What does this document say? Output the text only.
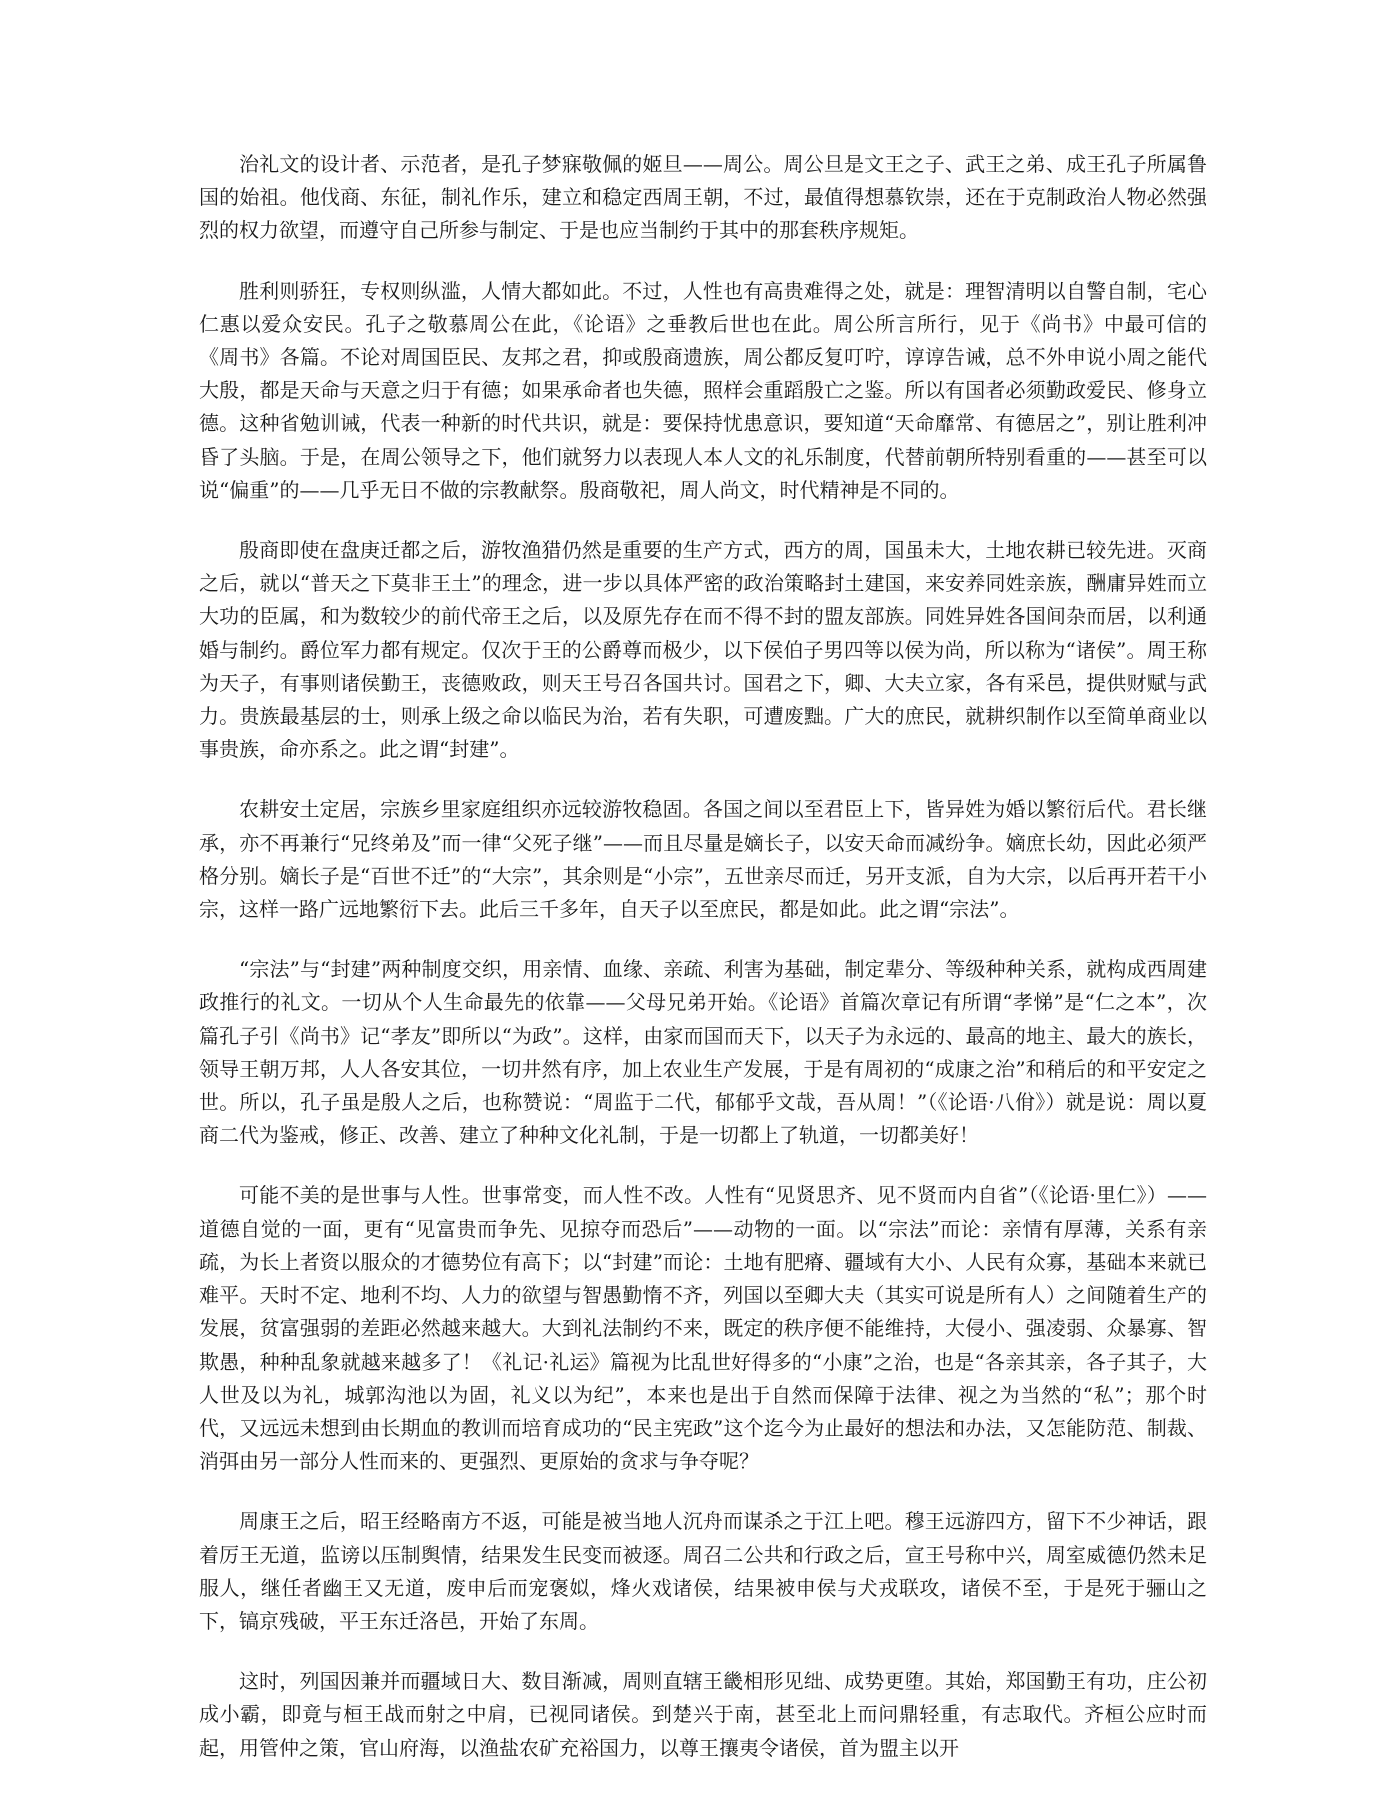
治礼文的设计者、示范者，是孔子梦寐敬佩的姬旦——周公。周公旦是文王之子、武王之弟、成王孔子所属鲁国的始祖。他伐商、东征，制礼作乐，建立和稳定西周王朝，不过，最值得想慕钦崇，还在于克制政治人物必然强烈的权力欲望，而遵守自己所参与制定、于是也应当制约于其中的那套秩序规矩。

胜利则骄狂，专权则纵滥，人情大都如此。不过，人性也有高贵难得之处，就是：理智清明以自警自制，宅心仁惠以爱众安民。孔子之敬慕周公在此，《论语》之垂教后世也在此。周公所言所行，见于《尚书》中最可信的《周书》各篇。不论对周国臣民、友邦之君，抑或殷商遗族，周公都反复叮咛，谆谆告诫，总不外申说小周之能代大殷，都是天命与天意之归于有德；如果承命者也失德，照样会重蹈殷亡之鉴。所以有国者必须勤政爱民、修身立德。这种省勉训诫，代表一种新的时代共识，就是：要保持忧患意识，要知道“天命靡常、有德居之”，别让胜利冲昏了头脑。于是，在周公领导之下，他们就努力以表现人本人文的礼乐制度，代替前朝所特别看重的——甚至可以说“偏重”的——几乎无日不做的宗教献祭。殷商敬祀，周人尚文，时代精神是不同的。

殷商即使在盘庚迁都之后，游牧渔猎仍然是重要的生产方式，西方的周，国虽未大，土地农耕已较先进。灭商之后，就以“普天之下莫非王土”的理念，进一步以具体严密的政治策略封土建国，来安养同姓亲族，酬庸异姓而立大功的臣属，和为数较少的前代帝王之后，以及原先存在而不得不封的盟友部族。同姓异姓各国间杂而居，以利通婚与制约。爵位军力都有规定。仅次于王的公爵尊而极少，以下侯伯子男四等以侯为尚，所以称为“诸侯”。周王称为天子，有事则诸侯勤王，丧德败政，则天王号召各国共讨。国君之下，卿、大夫立家，各有采邑，提供财赋与武力。贵族最基层的士，则承上级之命以临民为治，若有失职，可遭废黜。广大的庶民，就耕织制作以至简单商业以事贵族，命亦系之。此之谓“封建”。

农耕安土定居，宗族乡里家庭组织亦远较游牧稳固。各国之间以至君臣上下，皆异姓为婚以繁衍后代。君长继承，亦不再兼行“兄终弟及”而一律“父死子继”——而且尽量是嫡长子，以安天命而减纷争。嫡庶长幼，因此必须严格分别。嫡长子是“百世不迁”的“大宗”，其余则是“小宗”，五世亲尽而迁，另开支派，自为大宗，以后再开若干小宗，这样一路广远地繁衍下去。此后三千多年，自天子以至庶民，都是如此。此之谓“宗法”。

“宗法”与“封建”两种制度交织，用亲情、血缘、亲疏、利害为基础，制定辈分、等级种种关系，就构成西周建政推行的礼文。一切从个人生命最先的依靠——父母兄弟开始。《论语》首篇次章记有所谓“孝悌”是“仁之本”，次篇孔子引《尚书》记“孝友”即所以“为政”。这样，由家而国而天下，以天子为永远的、最高的地主、最大的族长，领导王朝万邦，人人各安其位，一切井然有序，加上农业生产发展，于是有周初的“成康之治”和稍后的和平安定之世。所以，孔子虽是殷人之后，也称赞说：“周监于二代，郁郁乎文哉，吾从周！”（《论语·八佾》）就是说：周以夏商二代为鉴戒，修正、改善、建立了种种文化礼制，于是一切都上了轨道，一切都美好！

可能不美的是世事与人性。世事常变，而人性不改。人性有“见贤思齐、见不贤而内自省”（《论语·里仁》）——道德自觉的一面，更有“见富贵而争先、见掠夺而恐后”——动物的一面。以“宗法”而论：亲情有厚薄，关系有亲疏，为长上者资以服众的才德势位有高下；以“封建”而论：土地有肥瘠、疆域有大小、人民有众寡，基础本来就已难平。天时不定、地利不均、人力的欲望与智愚勤惰不齐，列国以至卿大夫（其实可说是所有人）之间随着生产的发展，贫富强弱的差距必然越来越大。大到礼法制约不来，既定的秩序便不能维持，大侵小、强凌弱、众暴寡、智欺愚，种种乱象就越来越多了！《礼记·礼运》篇视为比乱世好得多的“小康”之治，也是“各亲其亲，各子其子，大人世及以为礼，城郭沟池以为固，礼义以为纪”，本来也是出于自然而保障于法律、视之为当然的“私”；那个时代，又远远未想到由长期血的教训而培育成功的“民主宪政”这个迄今为止最好的想法和办法，又怎能防范、制裁、消弭由另一部分人性而来的、更强烈、更原始的贪求与争夺呢？

周康王之后，昭王经略南方不返，可能是被当地人沉舟而谋杀之于江上吧。穆王远游四方，留下不少神话，跟着厉王无道，监谤以压制舆情，结果发生民变而被逐。周召二公共和行政之后，宣王号称中兴，周室威德仍然未足服人，继任者幽王又无道，废申后而宠褒姒，烽火戏诸侯，结果被申侯与犬戎联攻，诸侯不至，于是死于骊山之下，镐京残破，平王东迁洛邑，开始了东周。

这时，列国因兼并而疆域日大、数目渐减，周则直辖王畿相形见绌、成势更堕。其始，郑国勤王有功，庄公初成小霸，即竟与桓王战而射之中肩，已视同诸侯。到楚兴于南，甚至北上而问鼎轻重，有志取代。齐桓公应时而起，用管仲之策，官山府海，以渔盐农矿充裕国力，以尊王攘夷令诸侯，首为盟主以开
